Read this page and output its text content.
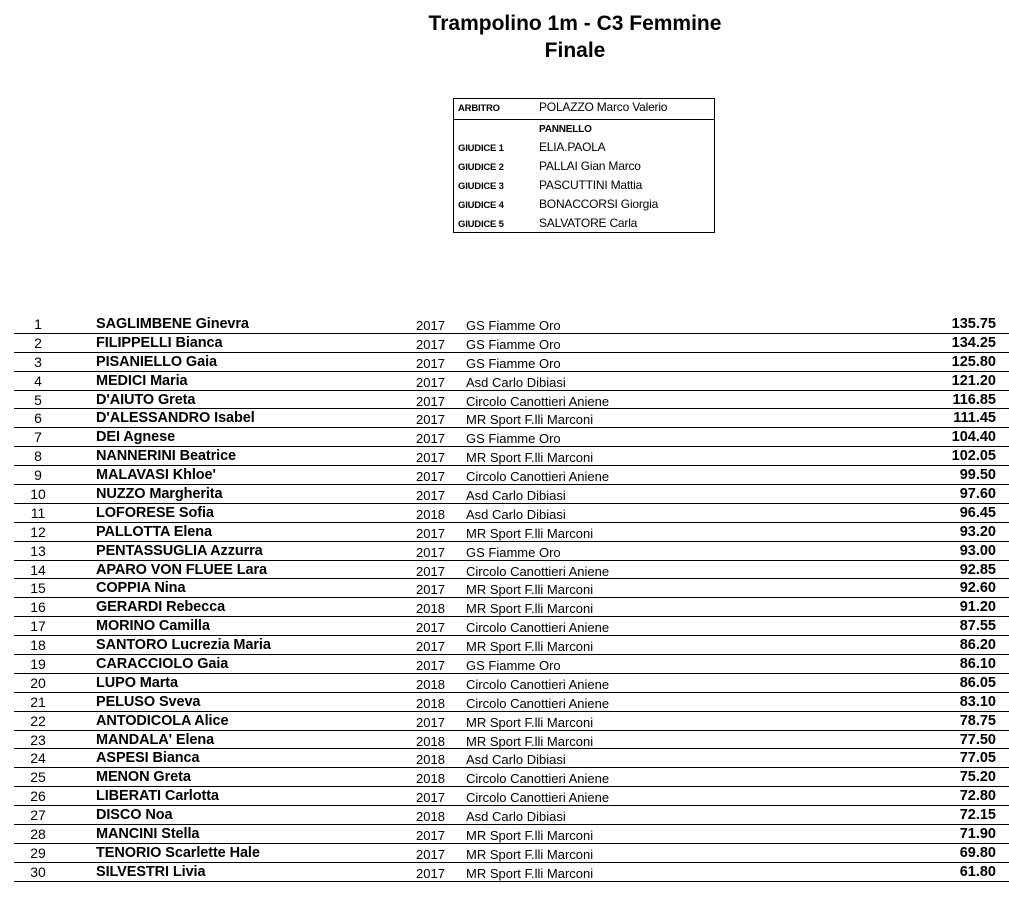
Trampolino 1m - C3 Femmine
Finale
ARBITRO	POLAZZO Marco Valerio
PANNELLO
GIUDICE 1	ELIA.PAOLA
GIUDICE 2	PALLAI Gian Marco
GIUDICE 3	PASCUTTINI Mattia
GIUDICE 4	BONACCORSI Giorgia
GIUDICE 5	SALVATORE Carla
1	SAGLIMBENE Ginevra	2017 GS Fiamme Oro	135.75
2	FILIPPELLI Bianca	2017 GS Fiamme Oro	134.25
3	PISANIELLO Gaia	2017 GS Fiamme Oro	125.80
4	MEDICI Maria	2017 Asd Carlo Dibiasi	121.20
5	D'AIUTO Greta	2017 Circolo Canottieri Aniene	116.85
6	D'ALESSANDRO Isabel	2017 MR Sport F.lli Marconi	111.45
7	DEI Agnese	2017 GS Fiamme Oro	104.40
8	NANNERINI Beatrice	2017 MR Sport F.lli Marconi	102.05
9	MALAVASI Khloe'	2017 Circolo Canottieri Aniene	99.50
10	NUZZO Margherita	2017 Asd Carlo Dibiasi	97.60
11	LOFORESE Sofia	2018 Asd Carlo Dibiasi	96.45
12	PALLOTTA Elena	2017 MR Sport F.lli Marconi	93.20
13	PENTASSUGLIA Azzurra	2017 GS Fiamme Oro	93.00
14	APARO VON FLUEE Lara	2017 Circolo Canottieri Aniene	92.85
15	COPPIA Nina	2017 MR Sport F.lli Marconi	92.60
16	GERARDI Rebecca	2018 MR Sport F.lli Marconi	91.20
17	MORINO Camilla	2017 Circolo Canottieri Aniene	87.55
18	SANTORO Lucrezia Maria	2017 MR Sport F.lli Marconi	86.20
19	CARACCIOLO Gaia	2017 GS Fiamme Oro	86.10
20	LUPO Marta	2018 Circolo Canottieri Aniene	86.05
21	PELUSO Sveva	2018 Circolo Canottieri Aniene	83.10
22	ANTODICOLA Alice	2017 MR Sport F.lli Marconi	78.75
23	MANDALA' Elena	2018 MR Sport F.lli Marconi	77.50
24	ASPESI Bianca	2018 Asd Carlo Dibiasi	77.05
25	MENON Greta	2018 Circolo Canottieri Aniene	75.20
26	LIBERATI Carlotta	2017 Circolo Canottieri Aniene	72.80
27	DISCO Noa	2018 Asd Carlo Dibiasi	72.15
28	MANCINI Stella	2017 MR Sport F.lli Marconi	71.90
29	TENORIO Scarlette Hale	2017 MR Sport F.lli Marconi	69.80
30	SILVESTRI Livia	2017 MR Sport F.lli Marconi	61.80
